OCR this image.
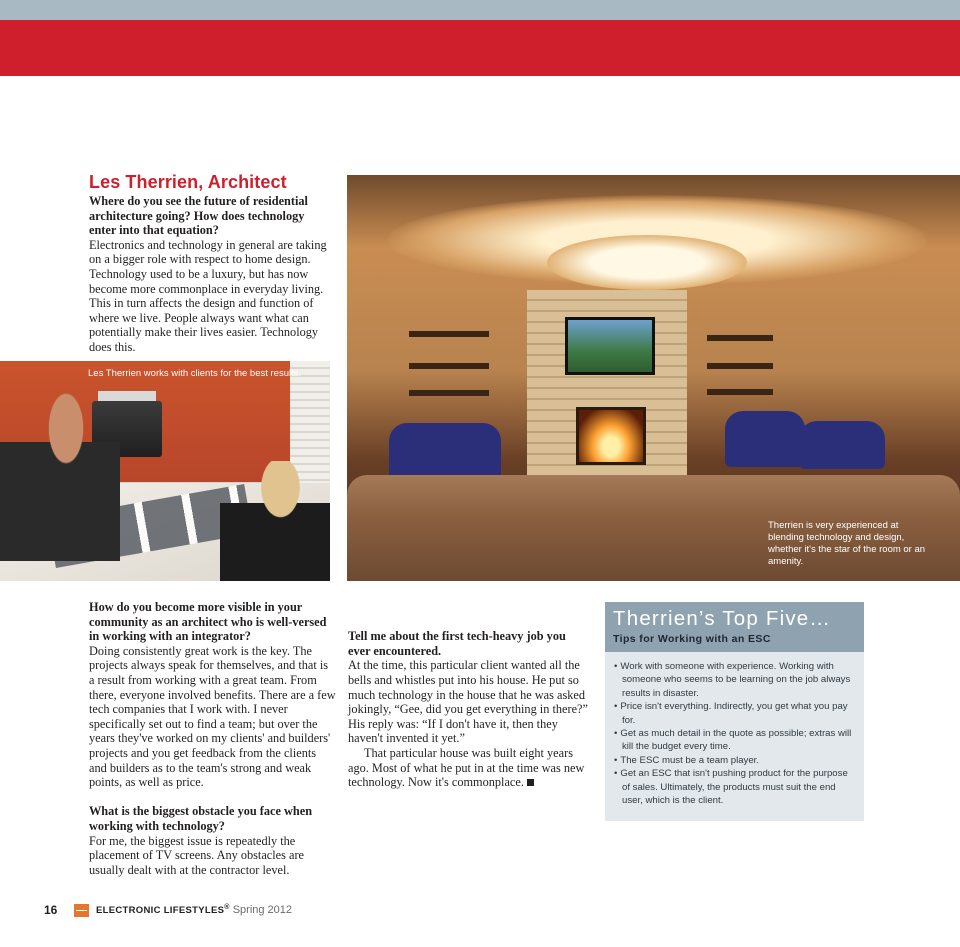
Les Therrien, Architect

Where do you see the future of residential architecture going? How does technology enter into that equation?

Electronics and technology in general are taking on a bigger role with respect to home design. Technology used to be a luxury, but has now become more commonplace in everyday living. This in turn affects the design and function of where we live. People always want what can potentially make their lives easier. Technology does this.

Les Therrien works with clients for the best results.
Therrien is very experienced at blending technology and design, whether it's the star of the room or an amenity.

How do you become more visible in your community as an architect who is well-versed in working with an integrator?

Doing consistently great work is the key. The projects always speak for themselves, and that is a result from working with a great team. From there, everyone involved benefits. There are a few tech companies that I work with. I never specifically set out to find a team; but over the years they've worked on my clients' and builders' projects and you get feedback from the clients and builders as to the team's strong and weak points, as well as price.

What is the biggest obstacle you face when working with technology?

For me, the biggest issue is repeatedly the placement of TV screens. Any obstacles are usually dealt with at the contractor level.

Tell me about the first tech-heavy job you ever encountered.

At the time, this particular client wanted all the bells and whistles put into his house. He put so much technology in the house that he was asked jokingly, “Gee, did you get everything in there?” His reply was: “If I don't have it, then they haven't invented it yet.”

That particular house was built eight years ago. Most of what he put in at the time was new technology. Now it's commonplace.

Therrien’s Top Five…
Tips for Working with an ESC
• Work with someone with experience. Working with someone who seems to be learning on the job always results in disaster.
• Price isn't everything. Indirectly, you get what you pay for.
• Get as much detail in the quote as possible; extras will kill the budget every time.
• The ESC must be a team player.
• Get an ESC that isn't pushing product for the purpose of sales. Ultimately, the products must suit the end user, which is the client.
16	ELECTRONIC LIFESTYLES® Spring 2012
